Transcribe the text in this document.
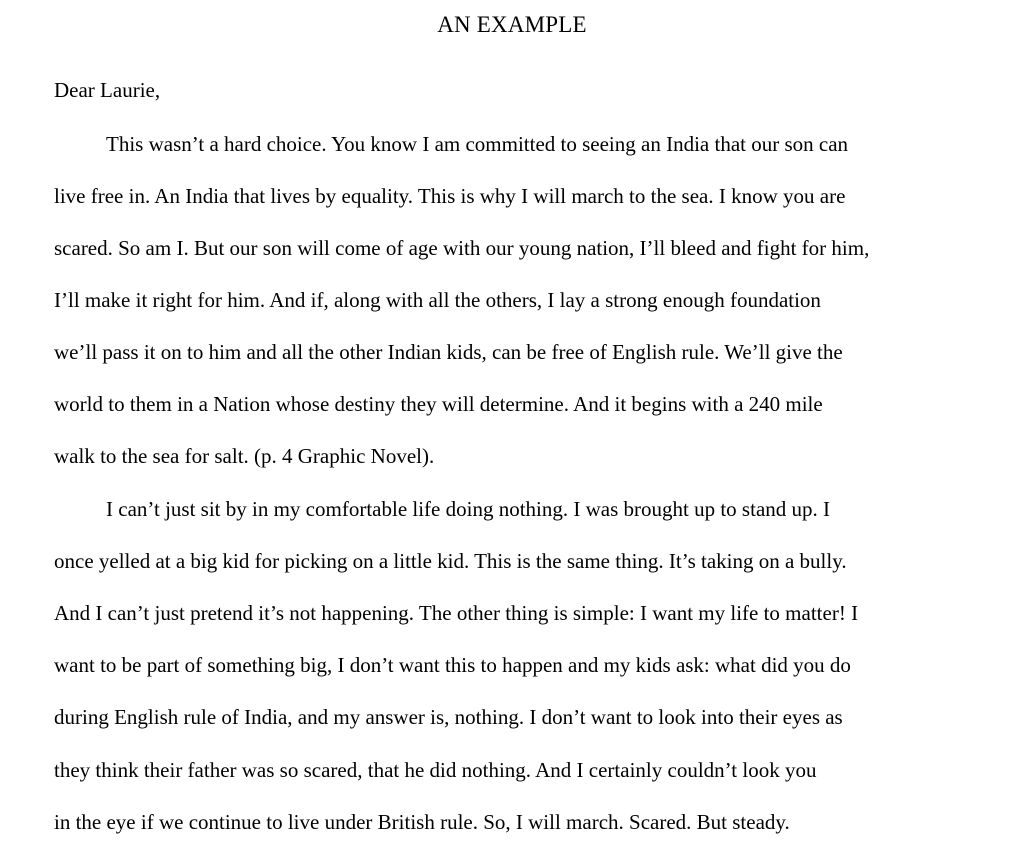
AN EXAMPLE
Dear Laurie,
This wasn’t a hard choice. You know I am committed to seeing an India that our son can
live free in. An India that lives by equality. This is why I will march to the sea. I know you are
scared. So am I. But our son will come of age with our young nation, I’ll bleed and fight for him,
I’ll make it right for him. And if, along with all the others, I lay a strong enough foundation
we’ll pass it on to him and all the other Indian kids, can be free of English rule. We’ll give the
world to them in a Nation whose destiny they will determine. And it begins with a 240 mile
walk to the sea for salt. (p. 4 Graphic Novel).
I can’t just sit by in my comfortable life doing nothing. I was brought up to stand up. I
once yelled at a big kid for picking on a little kid. This is the same thing. It’s taking on a bully.
And I can’t just pretend it’s not happening. The other thing is simple: I want my life to matter! I
want to be part of something big, I don’t want this to happen and my kids ask: what did you do
during English rule of India, and my answer is, nothing. I don’t want to look into their eyes as
they think their father was so scared, that he did nothing. And I certainly couldn’t look you
in the eye if we continue to live under British rule. So, I will march. Scared. But steady.
